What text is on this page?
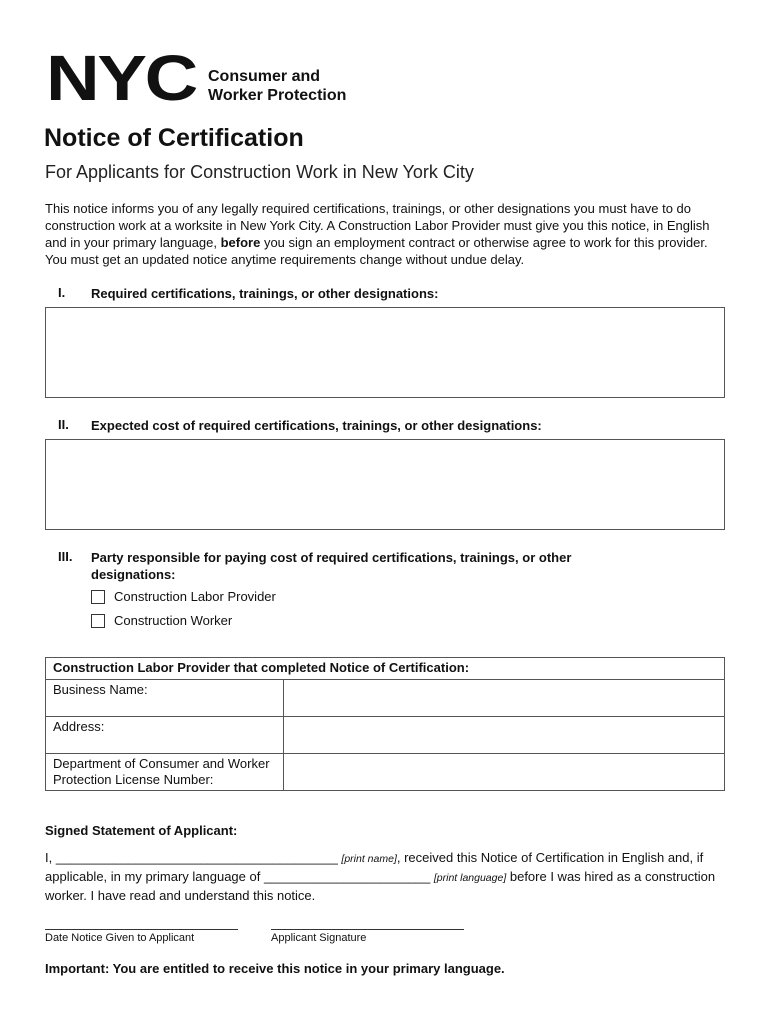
NYC Consumer and
Worker Protection
Notice of Certification
For Applicants for Construction Work in New York City
This notice informs you of any legally required certifications, trainings, or other designations you must have to do construction work at a worksite in New York City. A Construction Labor Provider must give you this notice, in English and in your primary language, before you sign an employment contract or otherwise agree to work for this provider. You must get an updated notice anytime requirements change without undue delay.
I. Required certifications, trainings, or other designations:
II. Expected cost of required certifications, trainings, or other designations:
III. Party responsible for paying cost of required certifications, trainings, or other designations:
Construction Labor Provider
Construction Worker
Construction Labor Provider that completed Notice of Certification:	
Business Name:	
Address:	
Department of Consumer and Worker Protection License Number:	
Signed Statement of Applicant:
I, _______________________________________ [print name], received this Notice of Certification in English and, if applicable, in my primary language of _______________________ [print language] before I was hired as a construction worker. I have read and understand this notice.
Date Notice Given to Applicant	Applicant Signature
Important: You are entitled to receive this notice in your primary language.
